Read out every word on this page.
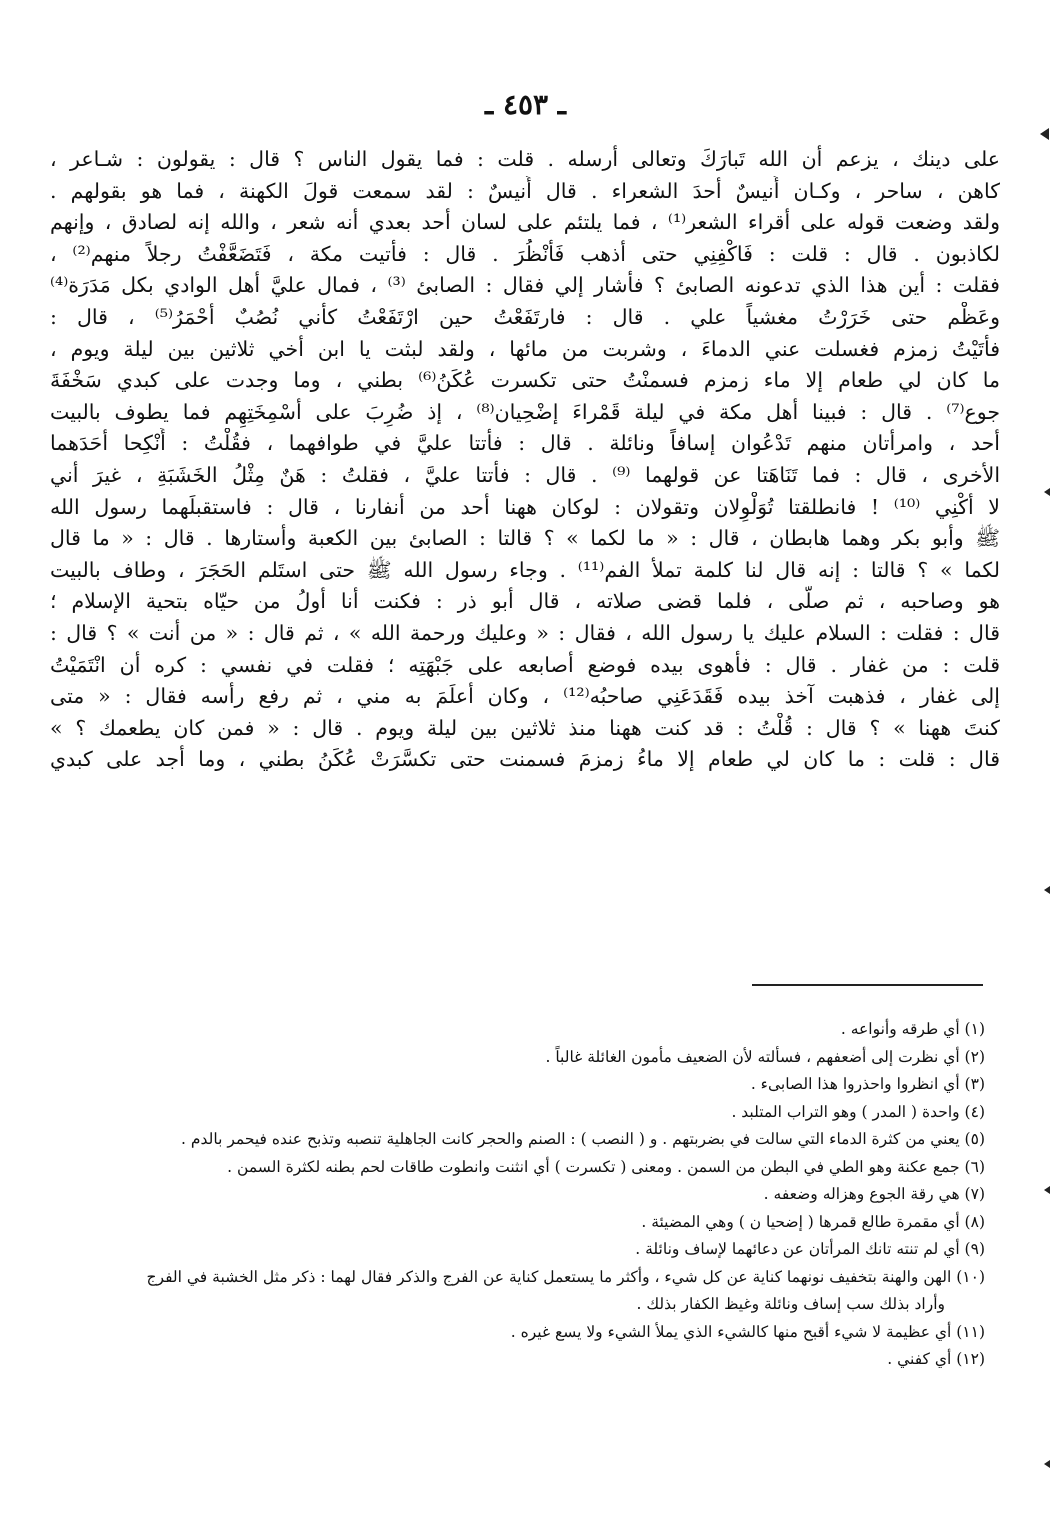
ـ ٤٥٣ ـ
على دينك ، يزعم أن الله تَبارَكَ وتعالى أرسله . قلت : فما يقول الناس ؟ قال : يقولون : شـاعر ،
كاهن ، ساحر ، وكـان أُنيسٌ أحدَ الشعراء . قال أُنيسٌ : لقد سمعت قولَ الكهنة ، فما هو بقولهم .
ولقد وضعت قوله على أقراء الشعر⁽¹⁾ ، فما يلتئم على لسان أحد بعدي أنه شعر ، والله إنه لصادق ، وإنهم
لكاذبون . قال : قلت : فَاكْفِنِي حتى أذهب فَأنْظُرَ . قال : فأتيت مكة ، فَتَضَعَّفْتُ رجلاً منهم⁽²⁾ ،
فقلت : أين هذا الذي تدعونه الصابئ ؟ فأشار إلي فقال : الصابئ ⁽³⁾ ، فمال عليَّ أهل الوادي بكل مَدَرَة⁽⁴⁾
وعَظْم حتى خَرَرْتُ مغشياً علي . قال : فارتَفَعْتُ حين ارْتَفَعْتُ كأني نُصُبٌ أحْمَرُ⁽⁵⁾ ، قال :
فأتَيْتُ زمزم فغسلت عني الدماءَ ، وشربت من مائها ، ولقد لبثت يا ابن أخي ثلاثين بين ليلة ويوم ،
ما كان لي طعام إلا ماء زمزم فسمنْتُ حتى تكسرت عُكَنُ⁽⁶⁾ بطني ، وما وجدت على كبدي سَخْفَةَ
جوع⁽⁷⁾ . قال : فبينا أهل مكة في ليلة قَمْراءَ إضْحِيان⁽⁸⁾ ، إذ ضُرِبَ على أسْمِخَتِهِم فما يطوف بالبيت
أحد ، وامرأتان منهم تَدْعُوان إسافاً ونائلة . قال : فأتتا عليَّ في طوافهما ، فقُلْتُ : أَنْكِحا أحَدَهما
الأخرى ، قال : فما تَنَاهَتا عن قولهما ⁽⁹⁾ . قال : فأتتا عليَّ ، فقلتُ : هَنٌ مِثْلُ الخَشَبَةِ ، غيرَ أني
لا أكْنِي ⁽¹⁰⁾ ! فانطلقتا تُوَلْوِلان وتقولان : لوكان ههنا أحد من أنفارنا ، قال : فاستقبلَهما رسول الله
ﷺ وأبو بكر وهما هابطان ، قال : « ما لكما » ؟ قالتا : الصابئ بين الكعبة وأستارها . قال : « ما قال
لكما » ؟ قالتا : إنه قال لنا كلمة تملأ الفم⁽¹¹⁾ . وجاء رسول الله ﷺ حتى استَلم الحَجَرَ ، وطاف بالبيت
هو وصاحبه ، ثم صلّى ، فلما قضى صلاته ، قال أبو ذر : فكنت أنا أولُ من حيّاه بتحية الإسلام ؛
قال : فقلت : السلام عليك يا رسول الله ، فقال : « وعليك ورحمة الله » ، ثم قال : « من أنت » ؟ قال :
قلت : من غفار . قال : فأهوى بيده فوضع أصابعه على جَبْهَتِه ؛ فقلت في نفسي : كره أن انْتَمَيْتُ
إلى غفار ، فذهبت آخذ بيده فَقَدَعَنِي صاحبُه⁽¹²⁾ ، وكان أعلَمَ به مني ، ثم رفع رأسه فقال : « متى
كنتَ ههنا » ؟ قال : قُلْتُ : قد كنت ههنا منذ ثلاثين بين ليلة ويوم . قال : « فمن كان يطعمك ؟ »
قال : قلت : ما كان لي طعام إلا ماءُ زمزمَ فسمنت حتى تكسَّرَتْ عُكَنُ بطني ، وما أجد على كبدي
(١) أي طرقه وأنواعه .
(٢) أي نظرت إلى أضعفهم ، فسألته لأن الضعيف مأمون الغائلة غالباً .
(٣) أي انظروا واحذروا هذا الصابىء .
(٤) واحدة ( المدر ) وهو التراب المتلبد .
(٥) يعني من كثرة الدماء التي سالت في بضربتهم . و ( النصب ) : الصنم والحجر كانت الجاهلية تنصبه وتذبح عنده فيحمر بالدم .
(٦) جمع عكنة وهو الطي في البطن من السمن . ومعنى ( تكسرت ) أي انثنت وانطوت طاقات لحم بطنه لكثرة السمن .
(٧) هي رقة الجوع وهزاله وضعفه .
(٨) أي مقمرة طالع قمرها ( إضحيا ن ) وهي المضيئة .
(٩) أي لم تنته تانك المرأتان عن دعائهما لإساف ونائلة .
(١٠) الهن والهنة بتخفيف نونهما كناية عن كل شيء ، وأكثر ما يستعمل كناية عن الفرج والذكر فقال لهما : ذكر مثل الخشبة في الفرج
وأراد بذلك سب إساف ونائلة وغيظ الكفار بذلك .
(١١) أي عظيمة لا شيء أقبح منها كالشيء الذي يملأ الشيء ولا يسع غيره .
(١٢) أي كفني .
